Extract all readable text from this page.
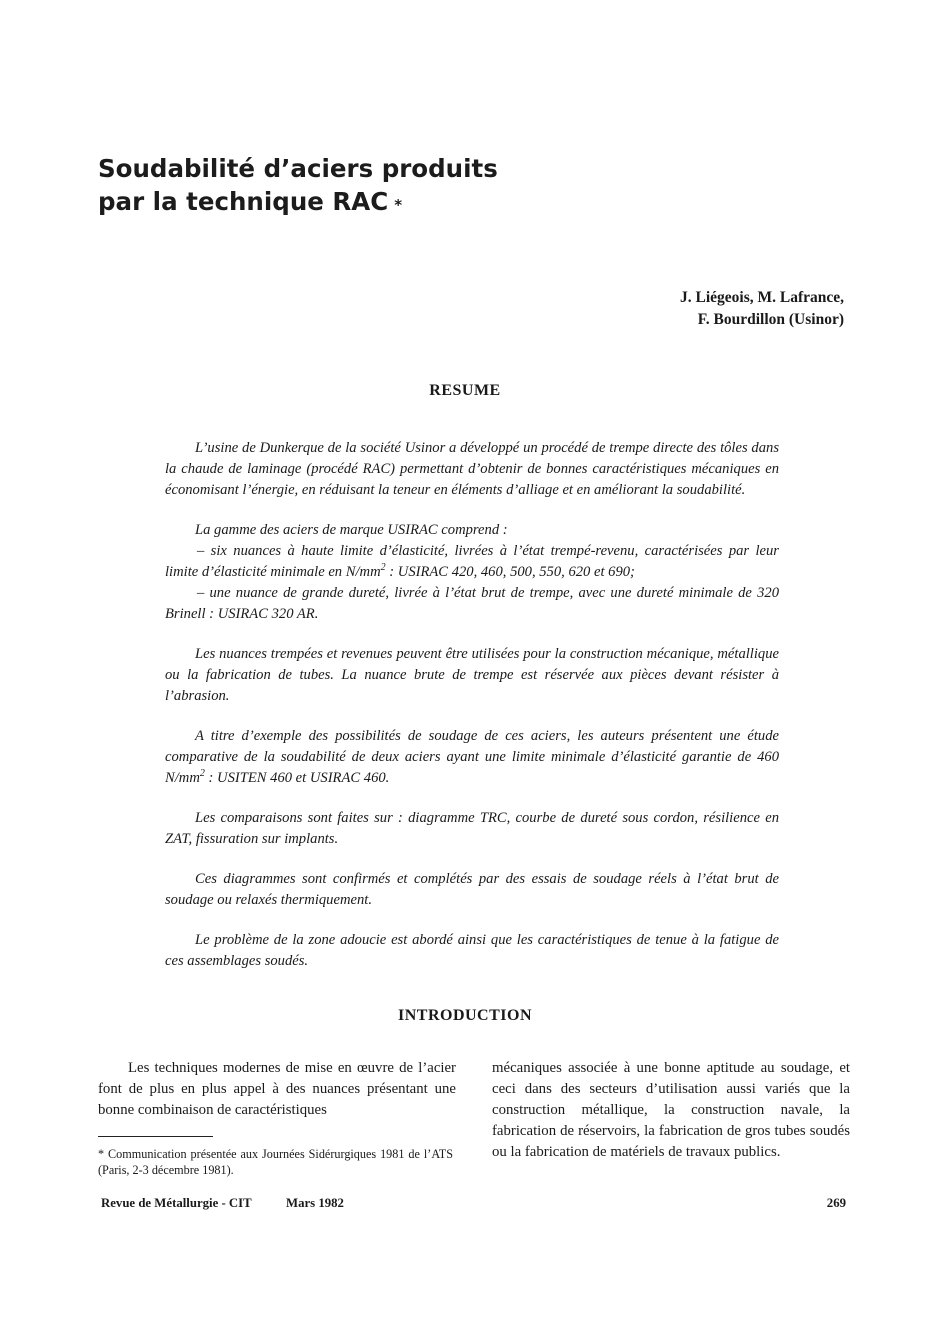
Soudabilité d’aciers produits
par la technique RAC *
J. Liégeois, M. Lafrance,
F. Bourdillon (Usinor)
RESUME

L’usine de Dunkerque de la société Usinor a développé un procédé de trempe directe des tôles dans la chaude de laminage (procédé RAC) permettant d’obtenir de bonnes caractéristiques mécaniques en économisant l’énergie, en réduisant la teneur en éléments d’alliage et en améliorant la soudabilité.

La gamme des aciers de marque USIRAC comprend :

– six nuances à haute limite d’élasticité, livrées à l’état trempé-revenu, caractérisées par leur limite d’élasticité minimale en $N/mm^2$ : USIRAC 420, 460, 500, 550, 620 et 690;

– une nuance de grande dureté, livrée à l’état brut de trempe, avec une dureté minimale de 320 Brinell : USIRAC 320 AR.

Les nuances trempées et revenues peuvent être utilisées pour la construction mécanique, métallique ou la fabrication de tubes. La nuance brute de trempe est réservée aux pièces devant résister à l’abrasion.

A titre d’exemple des possibilités de soudage de ces aciers, les auteurs présentent une étude comparative de la soudabilité de deux aciers ayant une limite minimale d’élasticité garantie de 460 $N/mm^2$ : USITEN 460 et USIRAC 460.

Les comparaisons sont faites sur : diagramme TRC, courbe de dureté sous cordon, résilience en ZAT, fissuration sur implants.

Ces diagrammes sont confirmés et complétés par des essais de soudage réels à l’état brut de soudage ou relaxés thermiquement.

Le problème de la zone adoucie est abordé ainsi que les caractéristiques de tenue à la fatigue de ces assemblages soudés.

INTRODUCTION

Les techniques modernes de mise en œuvre de l’acier font de plus en plus appel à des nuances présentant une bonne combinaison de caractéristiques

mécaniques associée à une bonne aptitude au soudage, et ceci dans des secteurs d’utilisation aussi variés que la construction métallique, la construction navale, la fabrication de réservoirs, la fabrication de gros tubes soudés ou la fabrication de matériels de travaux publics.

* Communication présentée aux Journées Sidérurgiques 1981 de l’ATS (Paris, 2-3 décembre 1981).
Revue de Métallurgie - CIT	Mars 1982	269
